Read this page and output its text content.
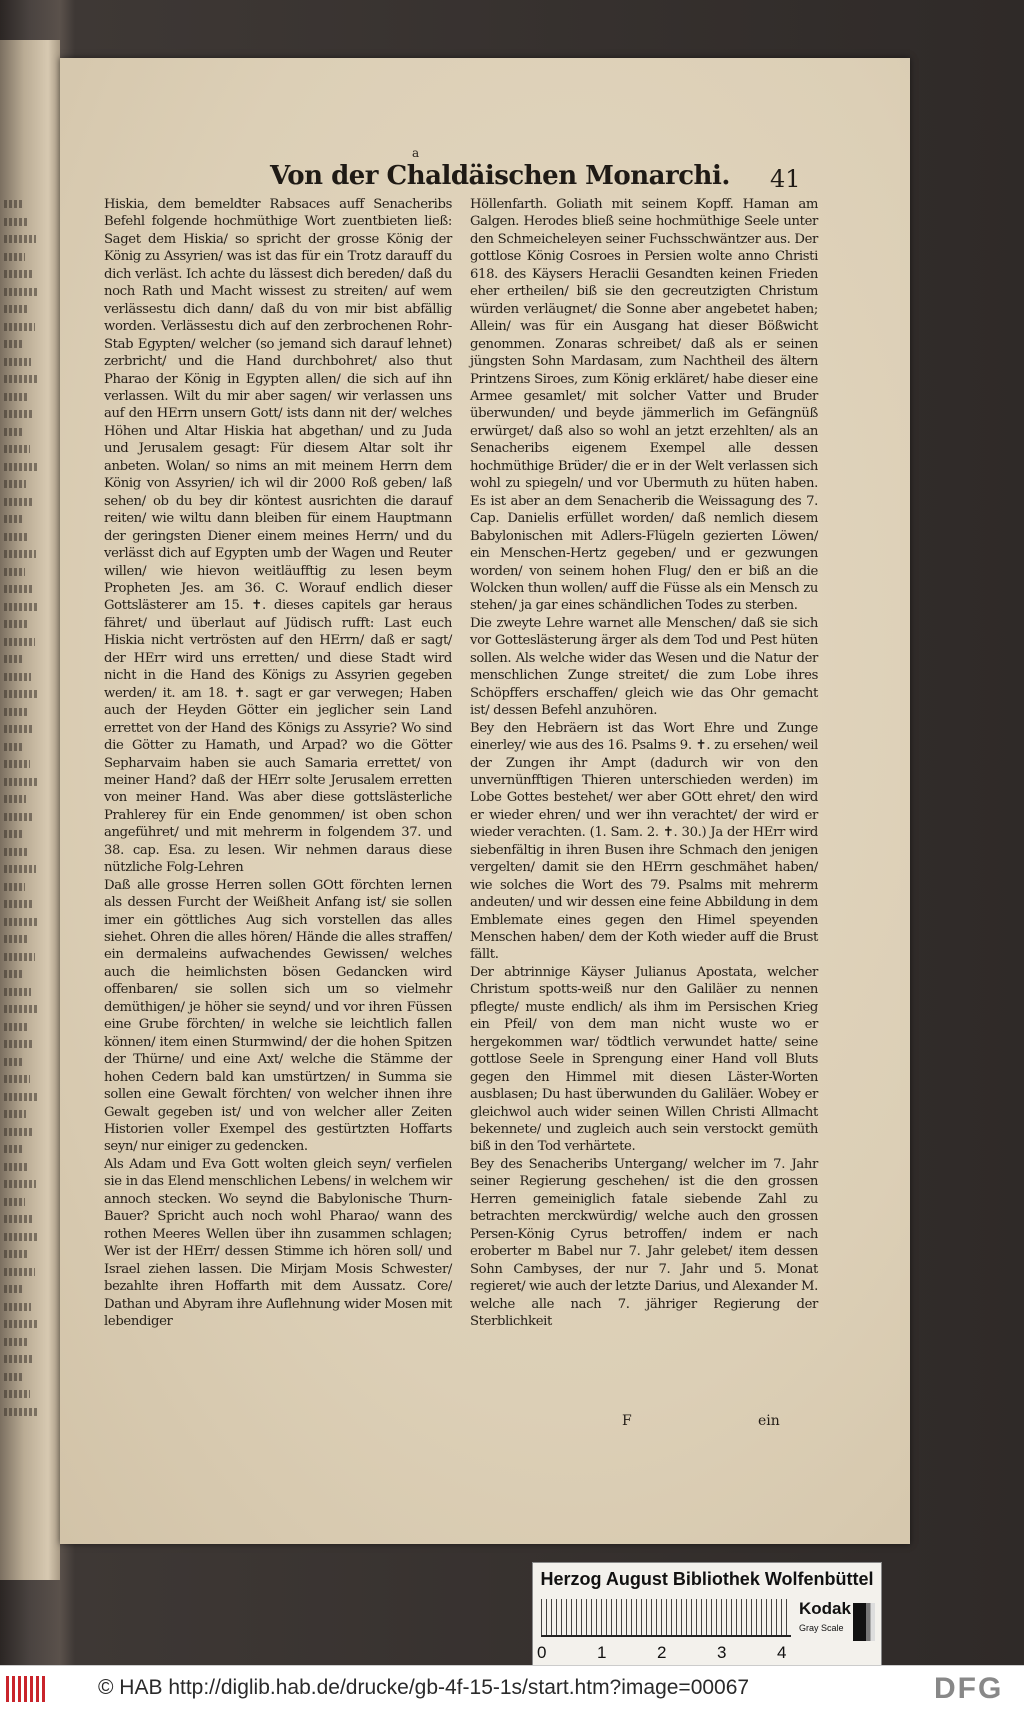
a
Von der Chaldäischen Monarchi.	41

Hiskia, dem bemeldter Rabsaces auff Senacheribs Befehl folgende hochmüthige Wort zuentbieten ließ: Saget dem Hiskia/ so spricht der grosse König der König zu Assyrien/ was ist das für ein Trotz darauff du dich verläst. Ich achte du lässest dich bereden/ daß du noch Rath und Macht wissest zu streiten/ auf wem verlässestu dich dann/ daß du von mir bist abfällig worden. Verlässestu dich auf den zerbrochenen Rohr-Stab Egypten/ welcher (so jemand sich darauf lehnet) zerbricht/ und die Hand durchbohret/ also thut Pharao der König in Egypten allen/ die sich auf ihn verlassen. Wilt du mir aber sagen/ wir verlassen uns auf den HErrn unsern Gott/ ists dann nit der/ welches Höhen und Altar Hiskia hat abgethan/ und zu Juda und Jerusalem gesagt: Für diesem Altar solt ihr anbeten. Wolan/ so nims an mit meinem Herrn dem König von Assyrien/ ich wil dir 2000 Roß geben/ laß sehen/ ob du bey dir köntest ausrichten die darauf reiten/ wie wiltu dann bleiben für einem Hauptmann der geringsten Diener einem meines Herrn/ und du verlässt dich auf Egypten umb der Wagen und Reuter willen/ wie hievon weitläufftig zu lesen beym Propheten Jes. am 36. C. Worauf endlich dieser Gottslästerer am 15. ✝. dieses capitels gar heraus fähret/ und überlaut auf Jüdisch rufft: Last euch Hiskia nicht vertrösten auf den HErrn/ daß er sagt/ der HErr wird uns erretten/ und diese Stadt wird nicht in die Hand des Königs zu Assyrien gegeben werden/ it. am 18. ✝. sagt er gar verwegen; Haben auch der Heyden Götter ein jeglicher sein Land errettet von der Hand des Königs zu Assyrie? Wo sind die Götter zu Hamath, und Arpad? wo die Götter Sepharvaim haben sie auch Samaria errettet/ von meiner Hand? daß der HErr solte Jerusalem erretten von meiner Hand. Was aber diese gottslästerliche Prahlerey für ein Ende genommen/ ist oben schon angeführet/ und mit mehrerm in folgendem 37. und 38. cap. Esa. zu lesen. Wir nehmen daraus diese nützliche Folg-Lehren

Daß alle grosse Herren sollen GOtt förchten lernen als dessen Furcht der Weißheit Anfang ist/ sie sollen imer ein göttliches Aug sich vorstellen das alles siehet. Ohren die alles hören/ Hände die alles straffen/ ein dermaleins aufwachendes Gewissen/ welches auch die heimlichsten bösen Gedancken wird offenbaren/ sie sollen sich um so vielmehr demüthigen/ je höher sie seynd/ und vor ihren Füssen eine Grube förchten/ in welche sie leichtlich fallen können/ item einen Sturmwind/ der die hohen Spitzen der Thürne/ und eine Axt/ welche die Stämme der hohen Cedern bald kan umstürtzen/ in Summa sie sollen eine Gewalt förchten/ von welcher ihnen ihre Gewalt gegeben ist/ und von welcher aller Zeiten Historien voller Exempel des gestürtzten Hoffarts seyn/ nur einiger zu gedencken.

Als Adam und Eva Gott wolten gleich seyn/ verfielen sie in das Elend menschlichen Lebens/ in welchem wir annoch stecken. Wo seynd die Babylonische Thurn-Bauer? Spricht auch noch wohl Pharao/ wann des rothen Meeres Wellen über ihn zusammen schlagen; Wer ist der HErr/ dessen Stimme ich hören soll/ und Israel ziehen lassen. Die Mirjam Mosis Schwester/ bezahlte ihren Hoffarth mit dem Aussatz. Core/ Dathan und Abyram ihre Auflehnung wider Mosen mit lebendiger

Höllenfarth. Goliath mit seinem Kopff. Haman am Galgen. Herodes bließ seine hochmüthige Seele unter den Schmeicheleyen seiner Fuchsschwäntzer aus. Der gottlose König Cosroes in Persien wolte anno Christi 618. des Käysers Heraclii Gesandten keinen Frieden eher ertheilen/ biß sie den gecreutzigten Christum würden verläugnet/ die Sonne aber angebetet haben; Allein/ was für ein Ausgang hat dieser Bößwicht genommen. Zonaras schreibet/ daß als er seinen jüngsten Sohn Mardasam, zum Nachtheil des ältern Printzens Siroes, zum König erkläret/ habe dieser eine Armee gesamlet/ mit solcher Vatter und Bruder überwunden/ und beyde jämmerlich im Gefängnüß erwürget/ daß also so wohl an jetzt erzehlten/ als an Senacheribs eigenem Exempel alle dessen hochmüthige Brüder/ die er in der Welt verlassen sich wohl zu spiegeln/ und vor Ubermuth zu hüten haben. Es ist aber an dem Senacherib die Weissagung des 7. Cap. Danielis erfüllet worden/ daß nemlich diesem Babylonischen mit Adlers-Flügeln gezierten Löwen/ ein Menschen-Hertz gegeben/ und er gezwungen worden/ von seinem hohen Flug/ den er biß an die Wolcken thun wollen/ auff die Füsse als ein Mensch zu stehen/ ja gar eines schändlichen Todes zu sterben.

Die zweyte Lehre warnet alle Menschen/ daß sie sich vor Gotteslästerung ärger als dem Tod und Pest hüten sollen. Als welche wider das Wesen und die Natur der menschlichen Zunge streitet/ die zum Lobe ihres Schöpffers erschaffen/ gleich wie das Ohr gemacht ist/ dessen Befehl anzuhören.

Bey den Hebräern ist das Wort Ehre und Zunge einerley/ wie aus des 16. Psalms 9. ✝. zu ersehen/ weil der Zungen ihr Ampt (dadurch wir von den unvernünfftigen Thieren unterschieden werden) im Lobe Gottes bestehet/ wer aber GOtt ehret/ den wird er wieder ehren/ und wer ihn verachtet/ der wird er wieder verachten. (1. Sam. 2. ✝. 30.) Ja der HErr wird siebenfältig in ihren Busen ihre Schmach den jenigen vergelten/ damit sie den HErrn geschmähet haben/ wie solches die Wort des 79. Psalms mit mehrerm andeuten/ und wir dessen eine feine Abbildung in dem Emblemate eines gegen den Himel speyenden Menschen haben/ dem der Koth wieder auff die Brust fällt.

Der abtrinnige Käyser Julianus Apostata, welcher Christum spotts-weiß nur den Galiläer zu nennen pflegte/ muste endlich/ als ihm im Persischen Krieg ein Pfeil/ von dem man nicht wuste wo er hergekommen war/ tödtlich verwundet hatte/ seine gottlose Seele in Sprengung einer Hand voll Bluts gegen den Himmel mit diesen Läster-Worten ausblasen; Du hast überwunden du Galiläer. Wobey er gleichwol auch wider seinen Willen Christi Allmacht bekennete/ und zugleich auch sein verstockt gemüth biß in den Tod verhärtete.

Bey des Senacheribs Untergang/ welcher im 7. Jahr seiner Regierung geschehen/ ist die den grossen Herren gemeiniglich fatale siebende Zahl zu betrachten merckwürdig/ welche auch den grossen Persen-König Cyrus betroffen/ indem er nach eroberter m Babel nur 7. Jahr gelebet/ item dessen Sohn Cambyses, der nur 7. Jahr und 5. Monat regieret/ wie auch der letzte Darius, und Alexander M. welche alle nach 7. jähriger Regierung der Sterblichkeit

F	ein
Herzog August Bibliothek Wolfenbüttel
0	1	2	3	4
Kodak
Gray Scale
© HAB http://diglib.hab.de/drucke/gb-4f-15-1s/start.htm?image=00067	DFG
